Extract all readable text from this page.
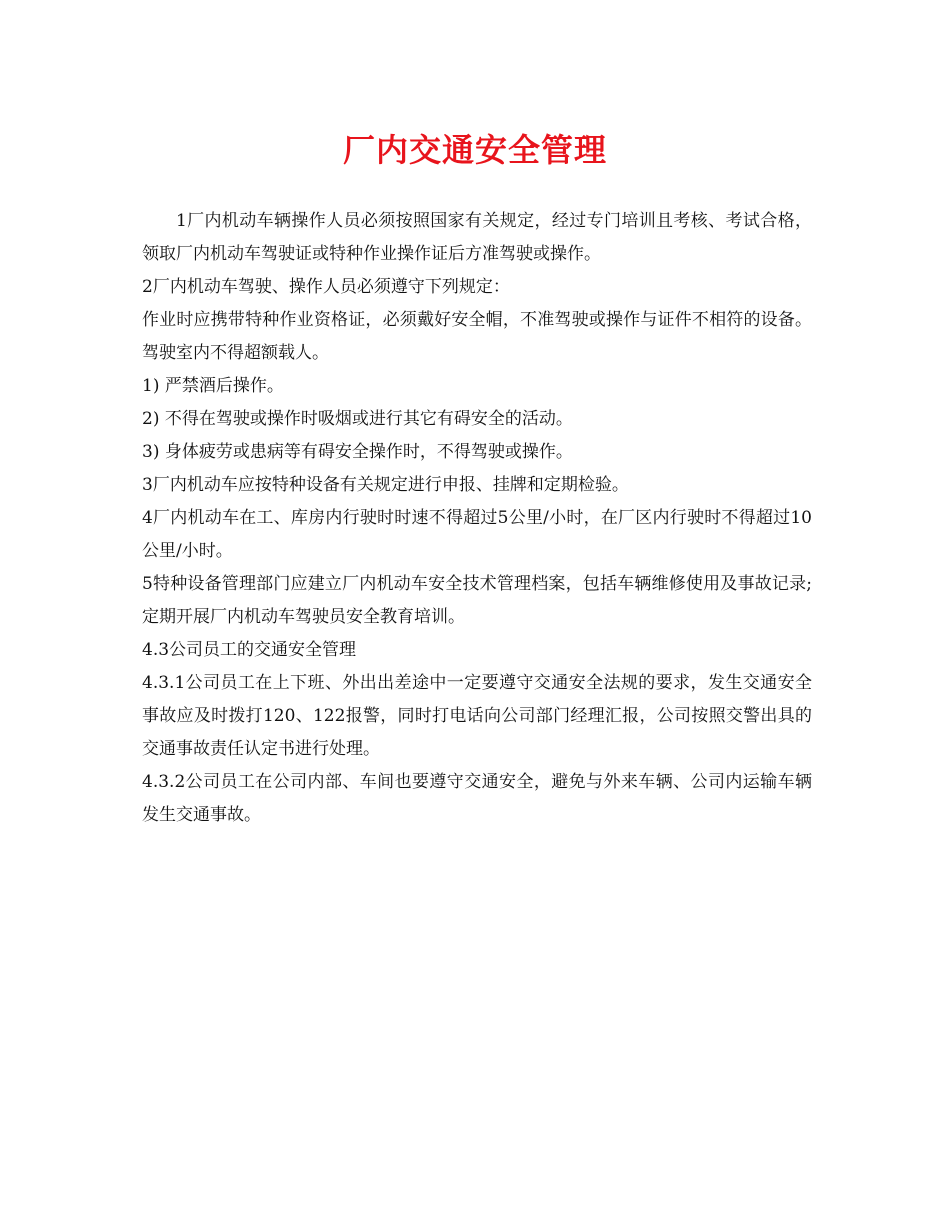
厂内交通安全管理

1厂内机动车辆操作人员必须按照国家有关规定，经过专门培训且考核、考试合格，领取厂内机动车驾驶证或特种作业操作证后方准驾驶或操作。

2厂内机动车驾驶、操作人员必须遵守下列规定：

作业时应携带特种作业资格证，必须戴好安全帽，不准驾驶或操作与证件不相符的设备。驾驶室内不得超额载人。

1) 严禁酒后操作。

2) 不得在驾驶或操作时吸烟或进行其它有碍安全的活动。

3) 身体疲劳或患病等有碍安全操作时，不得驾驶或操作。

3厂内机动车应按特种设备有关规定进行申报、挂牌和定期检验。

4厂内机动车在工、库房内行驶时时速不得超过5公里/小时，在厂区内行驶时不得超过10公里/小时。

5特种设备管理部门应建立厂内机动车安全技术管理档案，包括车辆维修使用及事故记录;定期开展厂内机动车驾驶员安全教育培训。

4.3公司员工的交通安全管理

4.3.1公司员工在上下班、外出出差途中一定要遵守交通安全法规的要求，发生交通安全事故应及时拨打120、122报警，同时打电话向公司部门经理汇报，公司按照交警出具的交通事故责任认定书进行处理。

4.3.2公司员工在公司内部、车间也要遵守交通安全，避免与外来车辆、公司内运输车辆发生交通事故。
